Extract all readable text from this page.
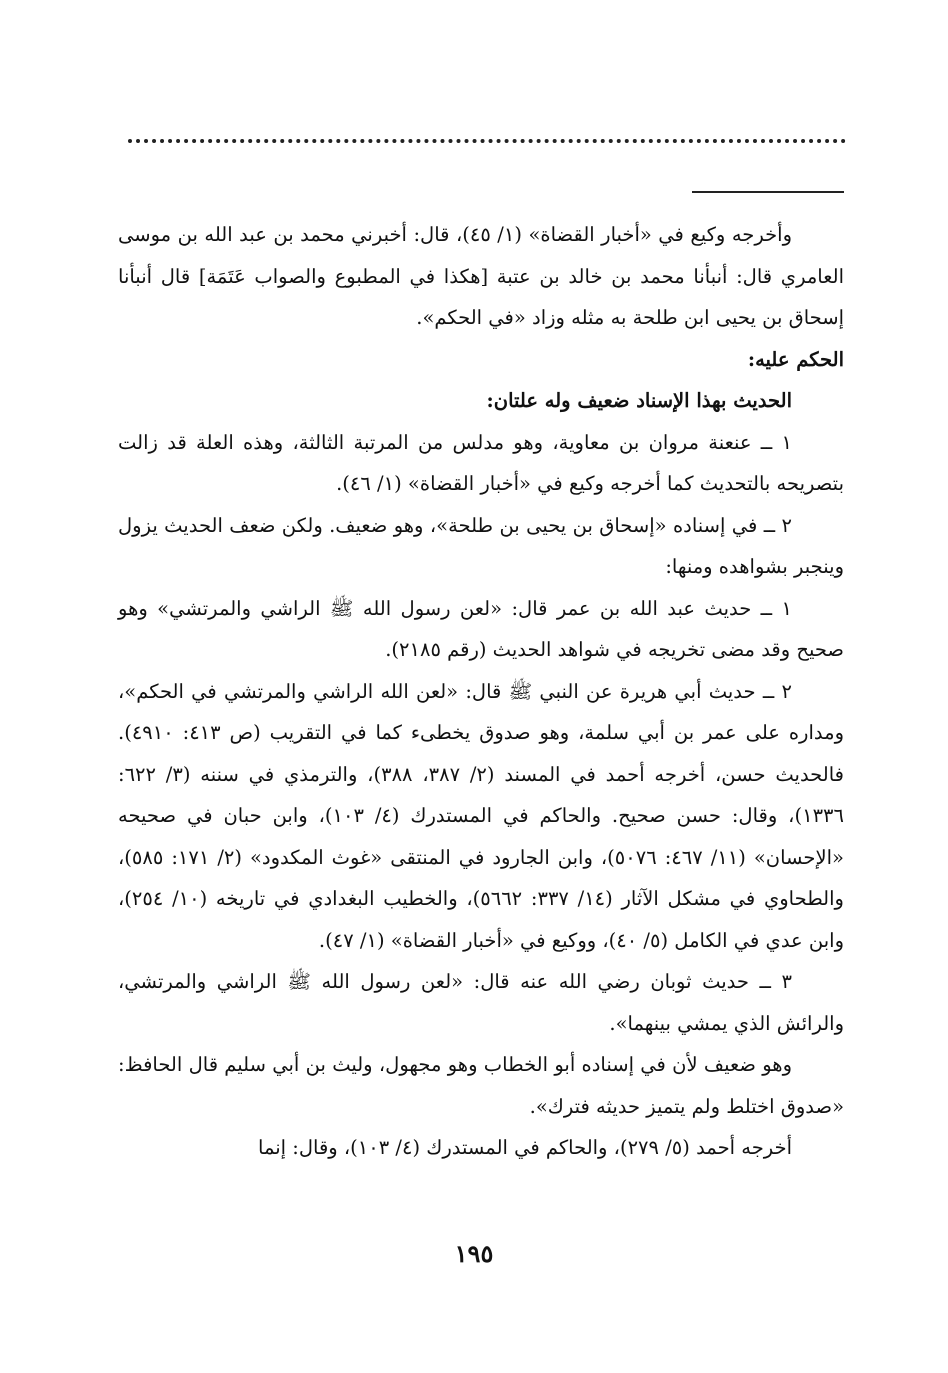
وأخرجه وكيع في «أخبار القضاة» (١/ ٤٥)، قال: أخبرني محمد بن عبد الله بن موسى العامري قال: أنبأنا محمد بن خالد بن عتبة [هكذا في المطبوع والصواب عَتَمَة] قال أنبأنا إسحاق بن يحيى ابن طلحة به مثله وزاد «في الحكم».

الحكم عليه:

الحديث بهذا الإسناد ضعيف وله علتان:

١ ــ عنعنة مروان بن معاوية، وهو مدلس من المرتبة الثالثة، وهذه العلة قد زالت بتصريحه بالتحديث كما أخرجه وكيع في «أخبار القضاة» (١/ ٤٦).

٢ ــ في إسناده «إسحاق بن يحيى بن طلحة»، وهو ضعيف. ولكن ضعف الحديث يزول وينجبر بشواهده ومنها:

١ ــ حديث عبد الله بن عمر قال: «لعن رسول الله ﷺ الراشي والمرتشي» وهو صحيح وقد مضى تخريجه في شواهد الحديث (رقم ٢١٨٥).

٢ ــ حديث أبي هريرة عن النبي ﷺ قال: «لعن الله الراشي والمرتشي في الحكم»، ومداره على عمر بن أبي سلمة، وهو صدوق يخطىء كما في التقريب (ص ٤١٣: ٤٩١٠). فالحديث حسن، أخرجه أحمد في المسند (٢/ ٣٨٧، ٣٨٨)، والترمذي في سننه (٣/ ٦٢٢: ١٣٣٦)، وقال: حسن صحيح. والحاكم في المستدرك (٤/ ١٠٣)، وابن حبان في صحيحه «الإحسان» (١١/ ٤٦٧: ٥٠٧٦)، وابن الجارود في المنتقى «غوث المكدود» (٢/ ١٧١: ٥٨٥)، والطحاوي في مشكل الآثار (١٤/ ٣٣٧: ٥٦٦٢)، والخطيب البغدادي في تاريخه (١٠/ ٢٥٤)، وابن عدي في الكامل (٥/ ٤٠)، ووكيع في «أخبار القضاة» (١/ ٤٧).

٣ ــ حديث ثوبان رضي الله عنه قال: «لعن رسول الله ﷺ الراشي والمرتشي، والرائش الذي يمشي بينهما».

وهو ضعيف لأن في إسناده أبو الخطاب وهو مجهول، وليث بن أبي سليم قال الحافظ: «صدوق اختلط ولم يتميز حديثه فترك».

أخرجه أحمد (٥/ ٢٧٩)، والحاكم في المستدرك (٤/ ١٠٣)، وقال: إنما

١٩٥
